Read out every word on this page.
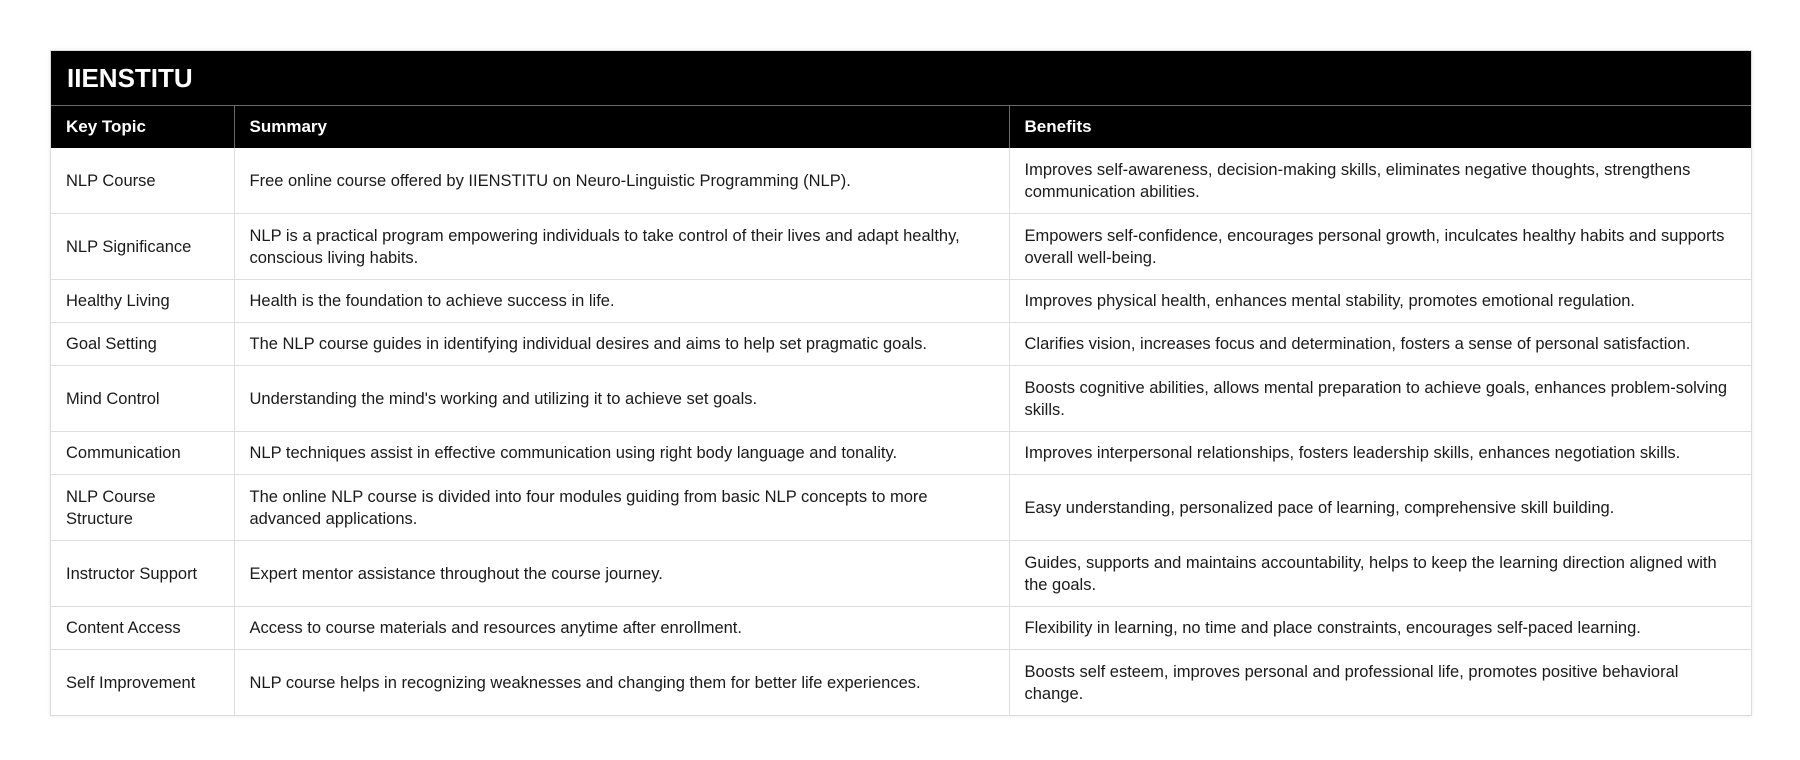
IIENSTITU		
Key Topic	Summary	Benefits
NLP Course	Free online course offered by IIENSTITU on Neuro-Linguistic Programming (NLP).	Improves self-awareness, decision-making skills, eliminates negative thoughts, strengthens communication abilities.
NLP Significance	NLP is a practical program empowering individuals to take control of their lives and adapt healthy, conscious living habits.	Empowers self-confidence, encourages personal growth, inculcates healthy habits and supports overall well-being.
Healthy Living	Health is the foundation to achieve success in life.	Improves physical health, enhances mental stability, promotes emotional regulation.
Goal Setting	The NLP course guides in identifying individual desires and aims to help set pragmatic goals.	Clarifies vision, increases focus and determination, fosters a sense of personal satisfaction.
Mind Control	Understanding the mind's working and utilizing it to achieve set goals.	Boosts cognitive abilities, allows mental preparation to achieve goals, enhances problem-solving skills.
Communication	NLP techniques assist in effective communication using right body language and tonality.	Improves interpersonal relationships, fosters leadership skills, enhances negotiation skills.
NLP Course Structure	The online NLP course is divided into four modules guiding from basic NLP concepts to more advanced applications.	Easy understanding, personalized pace of learning, comprehensive skill building.
Instructor Support	Expert mentor assistance throughout the course journey.	Guides, supports and maintains accountability, helps to keep the learning direction aligned with the goals.
Content Access	Access to course materials and resources anytime after enrollment.	Flexibility in learning, no time and place constraints, encourages self-paced learning.
Self Improvement	NLP course helps in recognizing weaknesses and changing them for better life experiences.	Boosts self esteem, improves personal and professional life, promotes positive behavioral change.
